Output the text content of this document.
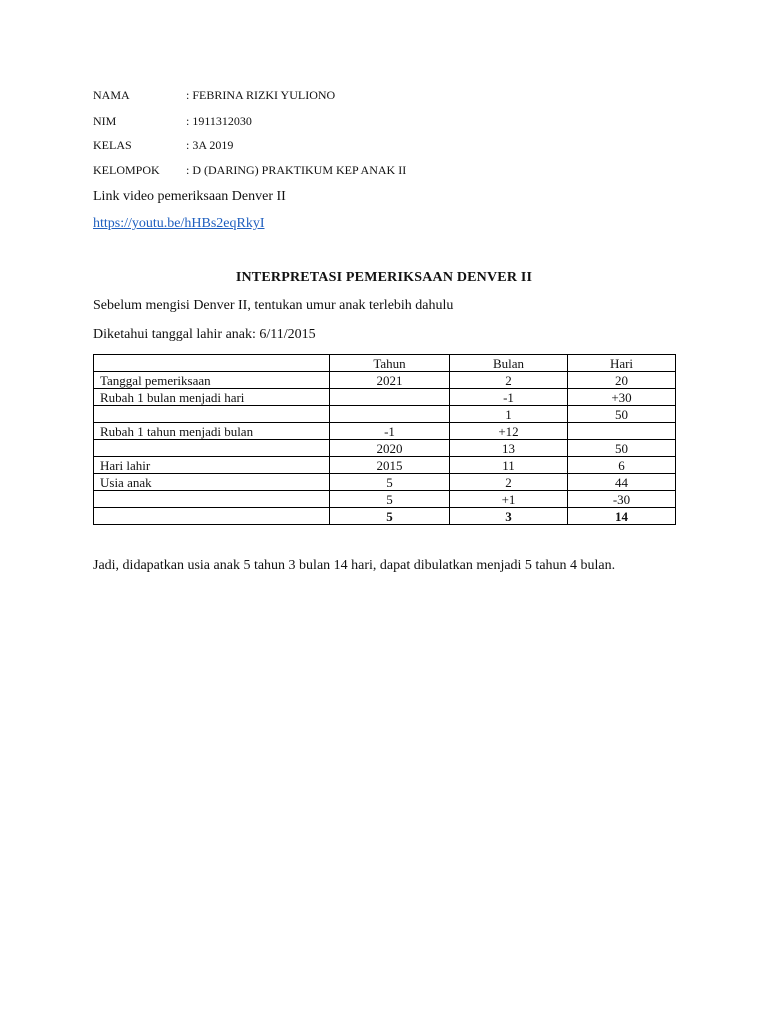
NAMA	: FEBRINA RIZKI YULIONO
NIM	: 1911312030
KELAS	: 3A 2019
KELOMPOK : D (DARING) PRAKTIKUM KEP ANAK II
Link video pemeriksaan Denver II
https://youtu.be/hHBs2eqRkyI
INTERPRETASI PEMERIKSAAN DENVER II
Sebelum mengisi Denver II, tentukan umur anak terlebih dahulu
Diketahui tanggal lahir anak: 6/11/2015
	Tahun	Bulan	Hari
Tanggal pemeriksaan	2021	2	20
Rubah 1 bulan menjadi hari		-1	+30
		1	50
Rubah 1 tahun menjadi bulan	-1	+12	
	2020	13	50
Hari lahir	2015	11	6
Usia anak	5	2	44
	5	+1	-30
	5	3	14
Jadi, didapatkan usia anak 5 tahun 3 bulan 14 hari, dapat dibulatkan menjadi 5 tahun 4 bulan.
